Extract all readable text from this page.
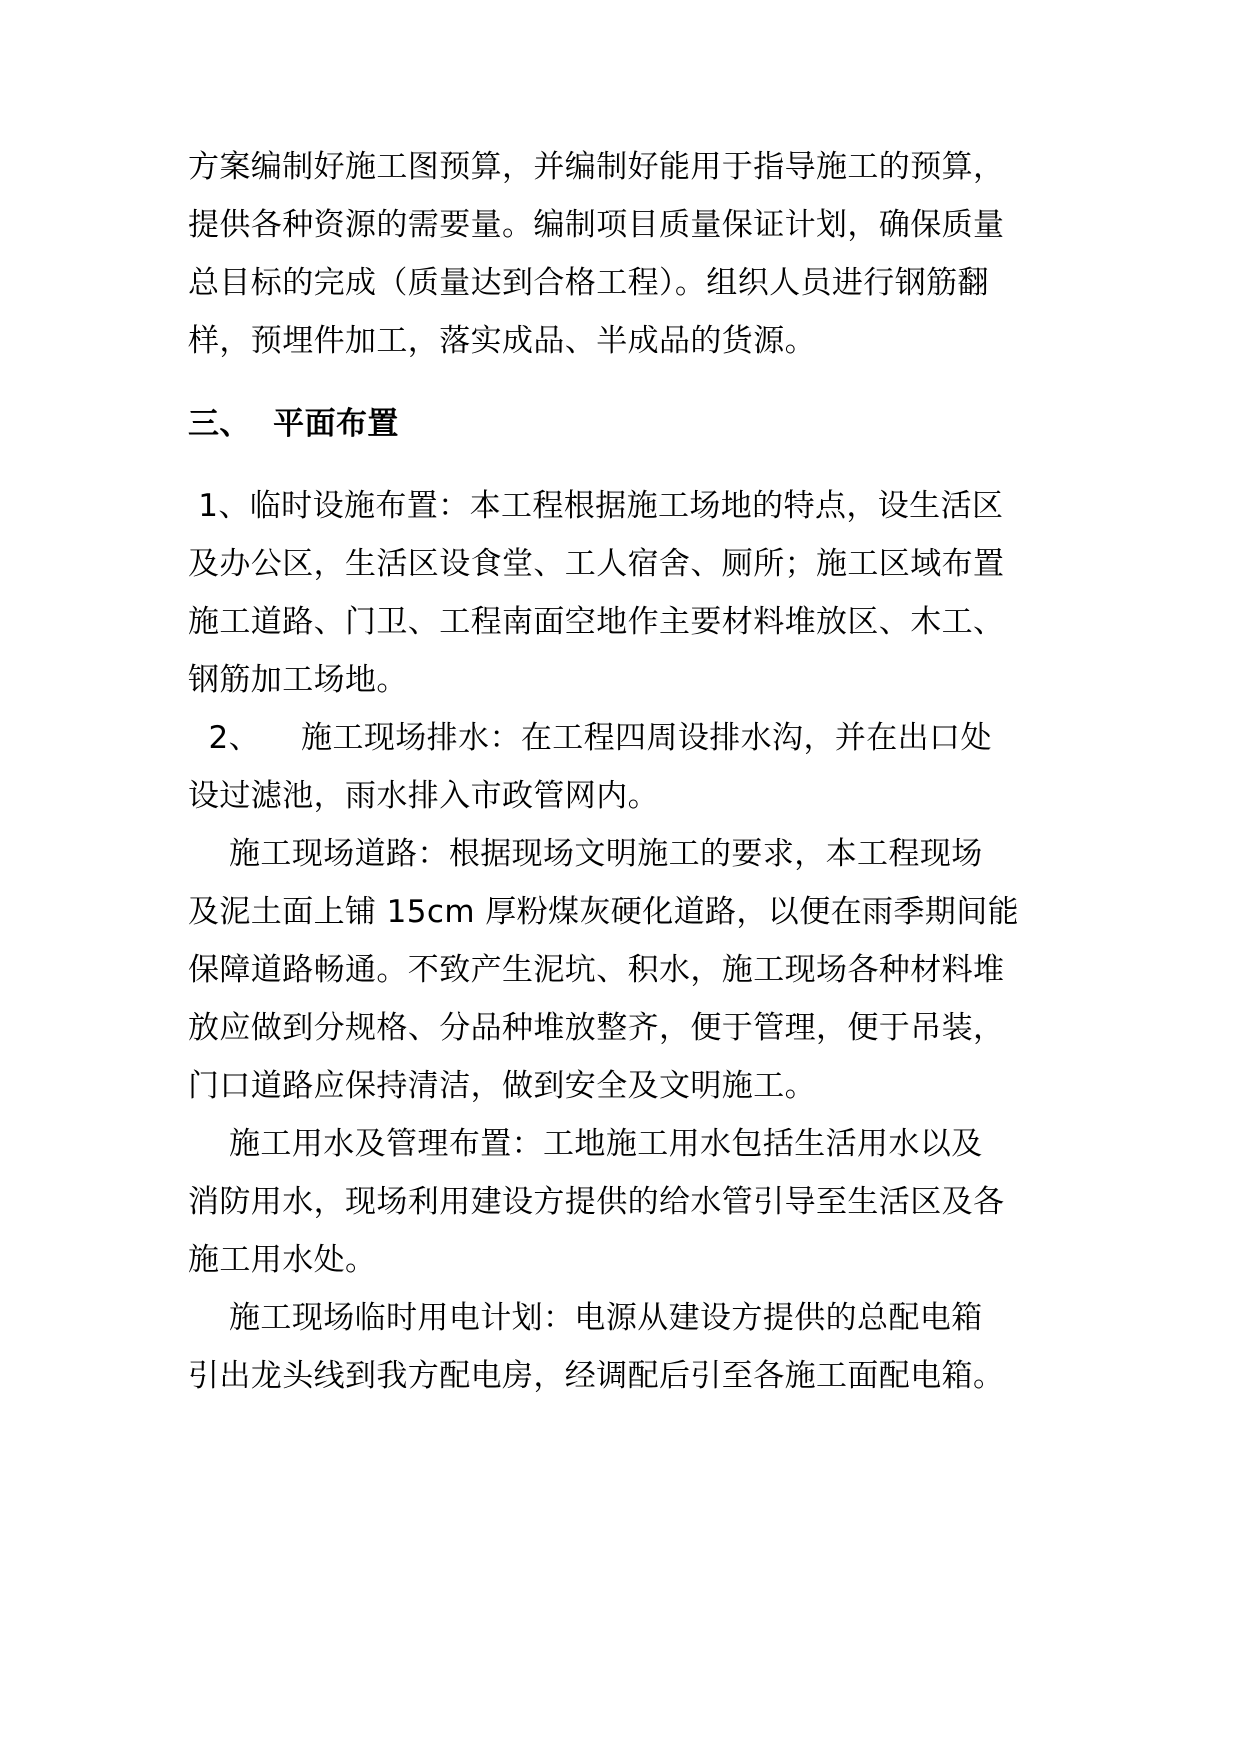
方案编制好施工图预算，并编制好能用于指导施工的预算，
提供各种资源的需要量。编制项目质量保证计划，确保质量
总目标的完成（质量达到合格工程）。组织人员进行钢筋翻
样，预埋件加工，落实成品、半成品的货源。
三、  平面布置
1、临时设施布置：本工程根据施工场地的特点，设生活区
及办公区，生活区设食堂、工人宿舍、厕所；施工区域布置
施工道路、门卫、工程南面空地作主要材料堆放区、木工、
钢筋加工场地。
2、    施工现场排水：在工程四周设排水沟，并在出口处
设过滤池，雨水排入市政管网内。
施工现场道路：根据现场文明施工的要求，本工程现场
及泥土面上铺 15cm 厚粉煤灰硬化道路，以便在雨季期间能
保障道路畅通。不致产生泥坑、积水，施工现场各种材料堆
放应做到分规格、分品种堆放整齐，便于管理，便于吊装，
门口道路应保持清洁，做到安全及文明施工。
施工用水及管理布置：工地施工用水包括生活用水以及
消防用水，现场利用建设方提供的给水管引导至生活区及各
施工用水处。
施工现场临时用电计划：电源从建设方提供的总配电箱
引出龙头线到我方配电房，经调配后引至各施工面配电箱。
